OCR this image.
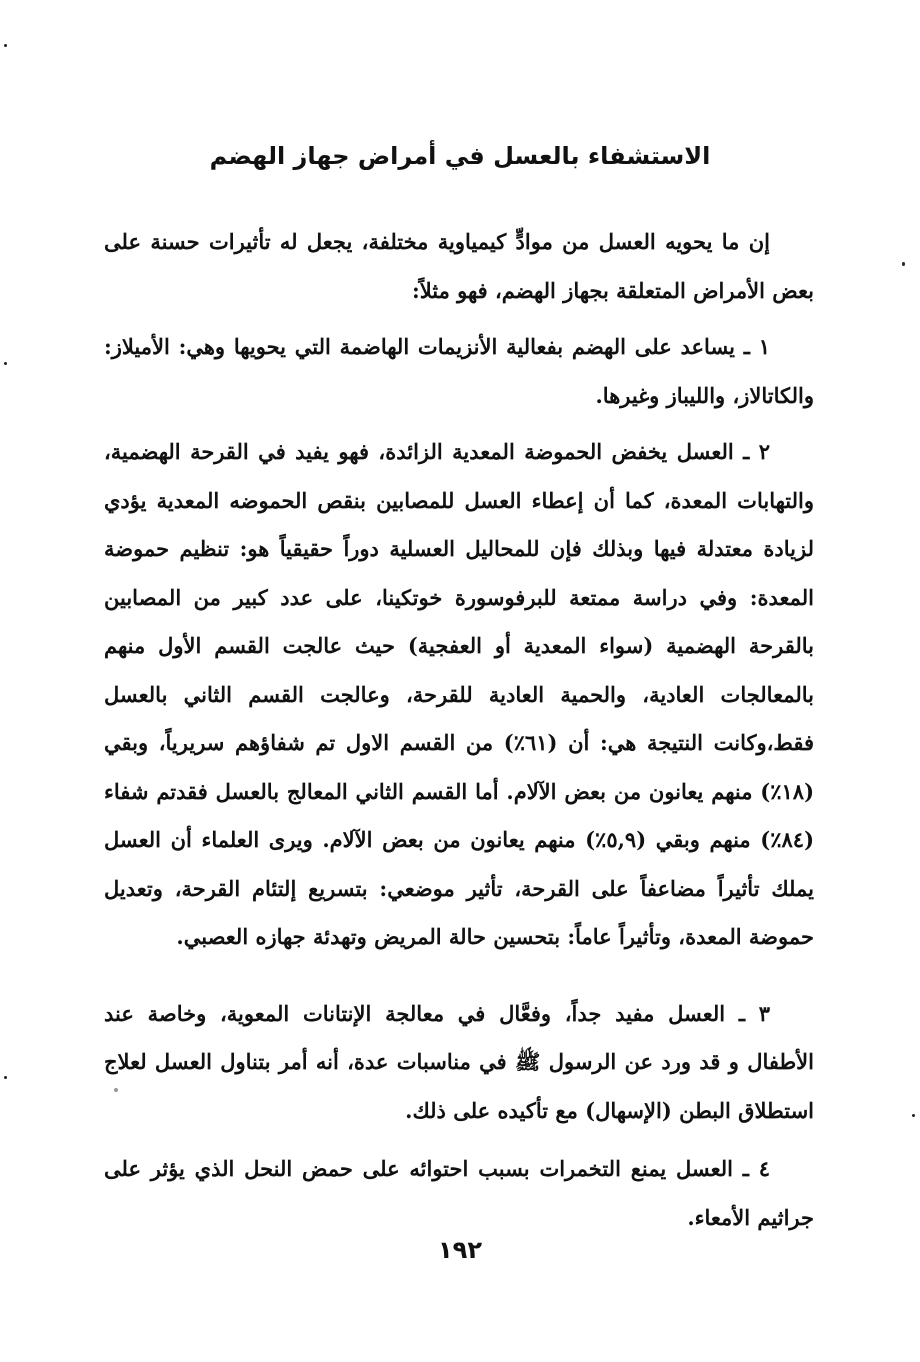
الاستشفاء بالعسل في أمراض جهاز الهضم

إن ما يحويه العسل من موادٍّ كيمياوية مختلفة، يجعل له تأثيرات حسنة على بعض الأمراض المتعلقة بجهاز الهضم، فهو مثلاً:

١ ـ يساعد على الهضم بفعالية الأنزيمات الهاضمة التي يحويها وهي: الأميلاز: والكاتالاز، والليباز وغيرها.

٢ ـ العسل يخفض الحموضة المعدية الزائدة، فهو يفيد في القرحة الهضمية، والتهابات المعدة، كما أن إعطاء العسل للمصابين بنقص الحموضه المعدية يؤدي لزيادة معتدلة فيها وبذلك فإن للمحاليل العسلية دوراً حقيقياً هو: تنظيم حموضة المعدة: وفي دراسة ممتعة للبرفوسورة خوتكينا، على عدد كبير من المصابين بالقرحة الهضمية (سواء المعدية أو العفجية) حيث عالجت القسم الأول منهم بالمعالجات العادية، والحمية العادية للقرحة، وعالجت القسم الثاني بالعسل فقط،وكانت النتيجة هي: أن (٦١٪) من القسم الاول تم شفاؤهم سريرياً، وبقي (١٨٪) منهم يعانون من بعض الآلام. أما القسم الثاني المعالج بالعسل فقدتم شفاء (٨٤٪) منهم وبقي (٥,٩٪) منهم يعانون من بعض الآلام. ويرى العلماء أن العسل يملك تأثيراً مضاعفاً على القرحة، تأثير موضعي: بتسريع إلتئام القرحة، وتعديل حموضة المعدة، وتأثيراً عاماً: بتحسين حالة المريض وتهدئة جهازه العصبي.

٣ ـ العسل مفيد جداً، وفعَّال في معالجة الإنتانات المعوية، وخاصة عند الأطفال و قد ورد عن الرسول ﷺ في مناسبات عدة، أنه أمر بتناول العسل لعلاج استطلاق البطن (الإسهال) مع تأكيده على ذلك.

٤ ـ العسل يمنع التخمرات بسبب احتوائه على حمض النحل الذي يؤثر على جراثيم الأمعاء.

١٩٢
